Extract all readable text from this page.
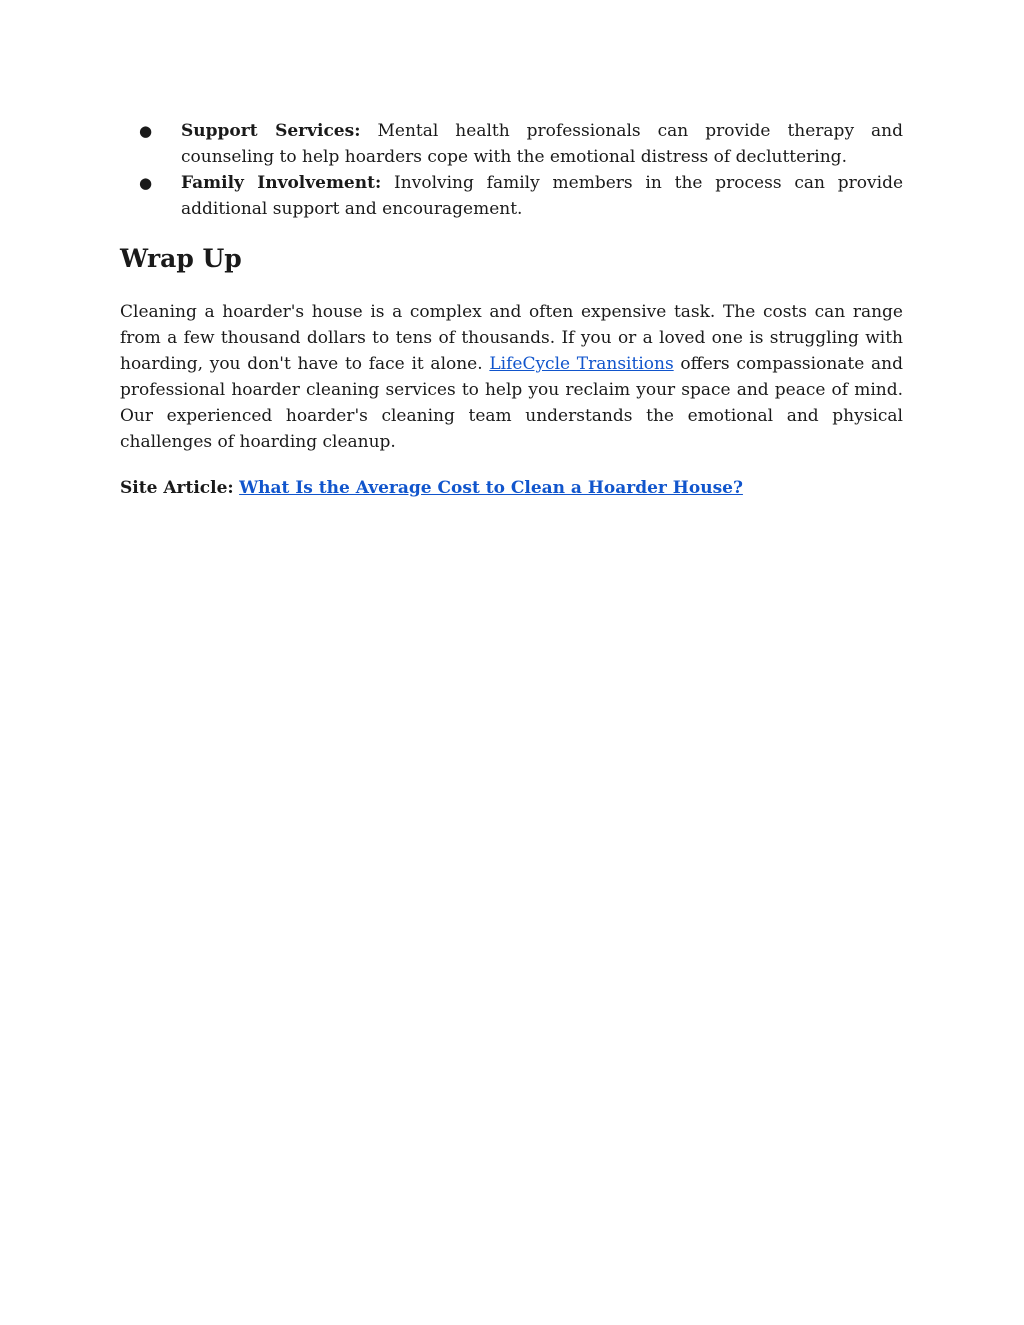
● Support Services: Mental health professionals can provide therapy and counseling to help hoarders cope with the emotional distress of decluttering.
● Family Involvement: Involving family members in the process can provide additional support and encouragement.
Wrap Up

Cleaning a hoarder's house is a complex and often expensive task. The costs can range from a few thousand dollars to tens of thousands. If you or a loved one is struggling with hoarding, you don't have to face it alone. LifeCycle Transitions offers compassionate and professional hoarder cleaning services to help you reclaim your space and peace of mind. Our experienced hoarder's cleaning team understands the emotional and physical challenges of hoarding cleanup.

Site Article: What Is the Average Cost to Clean a Hoarder House?
